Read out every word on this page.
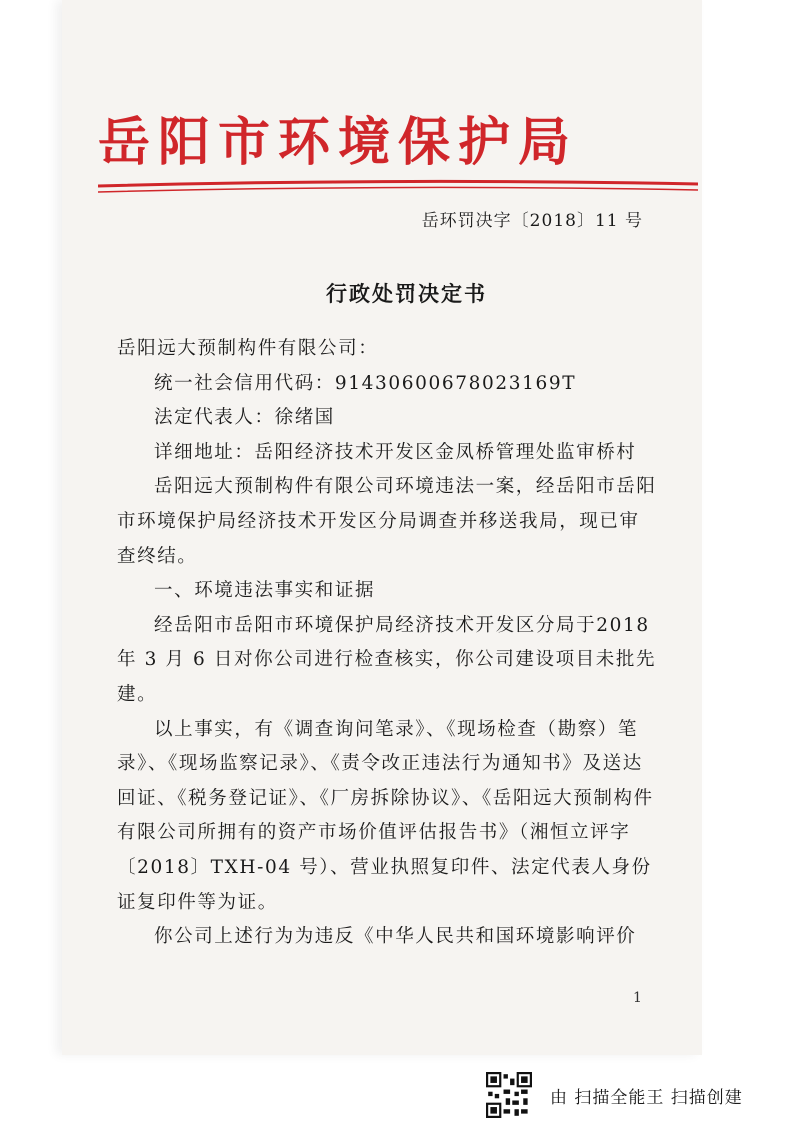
岳阳市环境保护局
岳环罚决字〔2018〕11 号
行政处罚决定书

岳阳远大预制构件有限公司：

统一社会信用代码：91430600678023169T

法定代表人：徐绪国

详细地址：岳阳经济技术开发区金凤桥管理处监审桥村

岳阳远大预制构件有限公司环境违法一案，经岳阳市岳阳市环境保护局经济技术开发区分局调查并移送我局，现已审查终结。

一、环境违法事实和证据

经岳阳市岳阳市环境保护局经济技术开发区分局于2018 年 3 月 6 日对你公司进行检查核实，你公司建设项目未批先建。

以上事实，有《调查询问笔录》、《现场检查（勘察）笔录》、《现场监察记录》、《责令改正违法行为通知书》及送达回证、《税务登记证》、《厂房拆除协议》、《岳阳远大预制构件有限公司所拥有的资产市场价值评估报告书》（湘恒立评字〔2018〕TXH-04 号）、营业执照复印件、法定代表人身份证复印件等为证。

你公司上述行为为违反《中华人民共和国环境影响评价

1
由 扫描全能王 扫描创建
